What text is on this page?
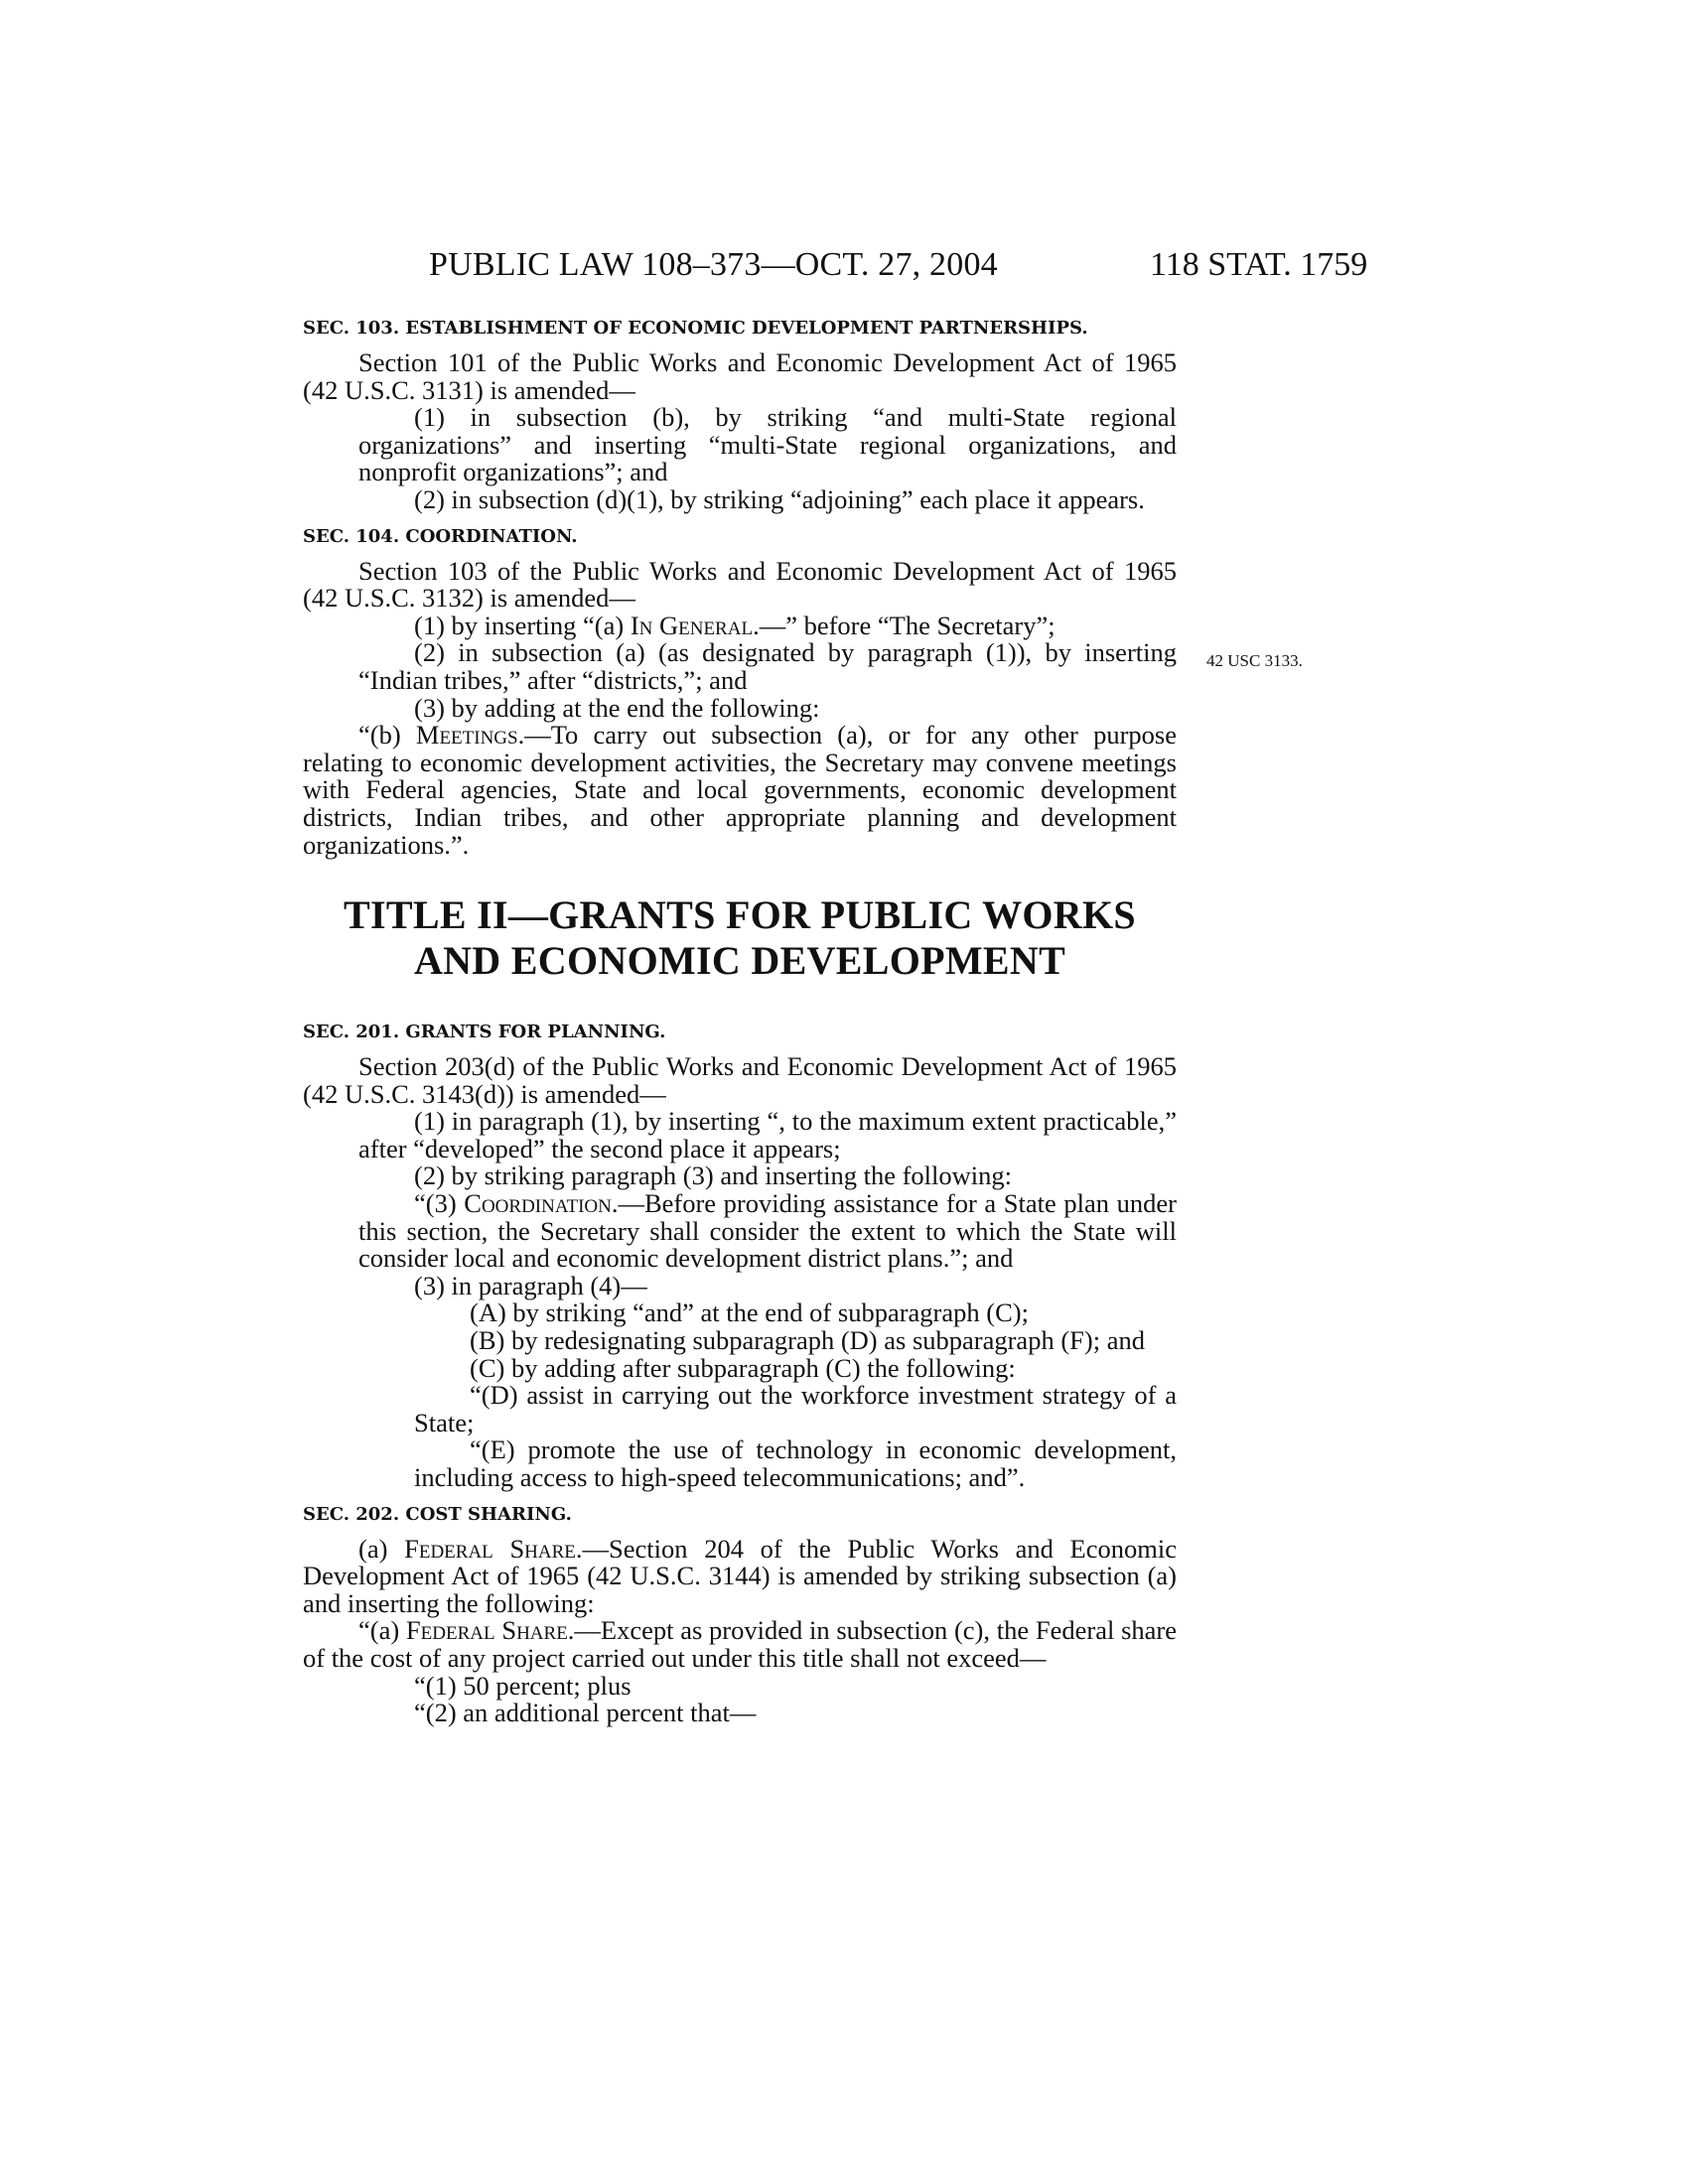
PUBLIC LAW 108–373—OCT. 27, 2004	118 STAT. 1759
42 USC 3133.
SEC. 103. ESTABLISHMENT OF ECONOMIC DEVELOPMENT PARTNERSHIPS.

Section 101 of the Public Works and Economic Development Act of 1965 (42 U.S.C. 3131) is amended—

(1) in subsection (b), by striking “and multi-State regional organizations” and inserting “multi-State regional organizations, and nonprofit organizations”; and

(2) in subsection (d)(1), by striking “adjoining” each place it appears.

SEC. 104. COORDINATION.

Section 103 of the Public Works and Economic Development Act of 1965 (42 U.S.C. 3132) is amended—

(1) by inserting “(a) In General.—” before “The Secretary”;

(2) in subsection (a) (as designated by paragraph (1)), by inserting “Indian tribes,” after “districts,”; and

(3) by adding at the end the following:

“(b) Meetings.—To carry out subsection (a), or for any other purpose relating to economic development activities, the Secretary may convene meetings with Federal agencies, State and local governments, economic development districts, Indian tribes, and other appropriate planning and development organizations.”.

TITLE II—GRANTS FOR PUBLIC WORKS
AND ECONOMIC DEVELOPMENT
SEC. 201. GRANTS FOR PLANNING.

Section 203(d) of the Public Works and Economic Development Act of 1965 (42 U.S.C. 3143(d)) is amended—

(1) in paragraph (1), by inserting “, to the maximum extent practicable,” after “developed” the second place it appears;

(2) by striking paragraph (3) and inserting the following:

“(3) Coordination.—Before providing assistance for a State plan under this section, the Secretary shall consider the extent to which the State will consider local and economic development district plans.”; and

(3) in paragraph (4)—

(A) by striking “and” at the end of subparagraph (C);

(B) by redesignating subparagraph (D) as subparagraph (F); and

(C) by adding after subparagraph (C) the following:

“(D) assist in carrying out the workforce investment strategy of a State;

“(E) promote the use of technology in economic development, including access to high-speed telecommunications; and”.

SEC. 202. COST SHARING.

(a) Federal Share.—Section 204 of the Public Works and Economic Development Act of 1965 (42 U.S.C. 3144) is amended by striking subsection (a) and inserting the following:

“(a) Federal Share.—Except as provided in subsection (c), the Federal share of the cost of any project carried out under this title shall not exceed—

“(1) 50 percent; plus

“(2) an additional percent that—
